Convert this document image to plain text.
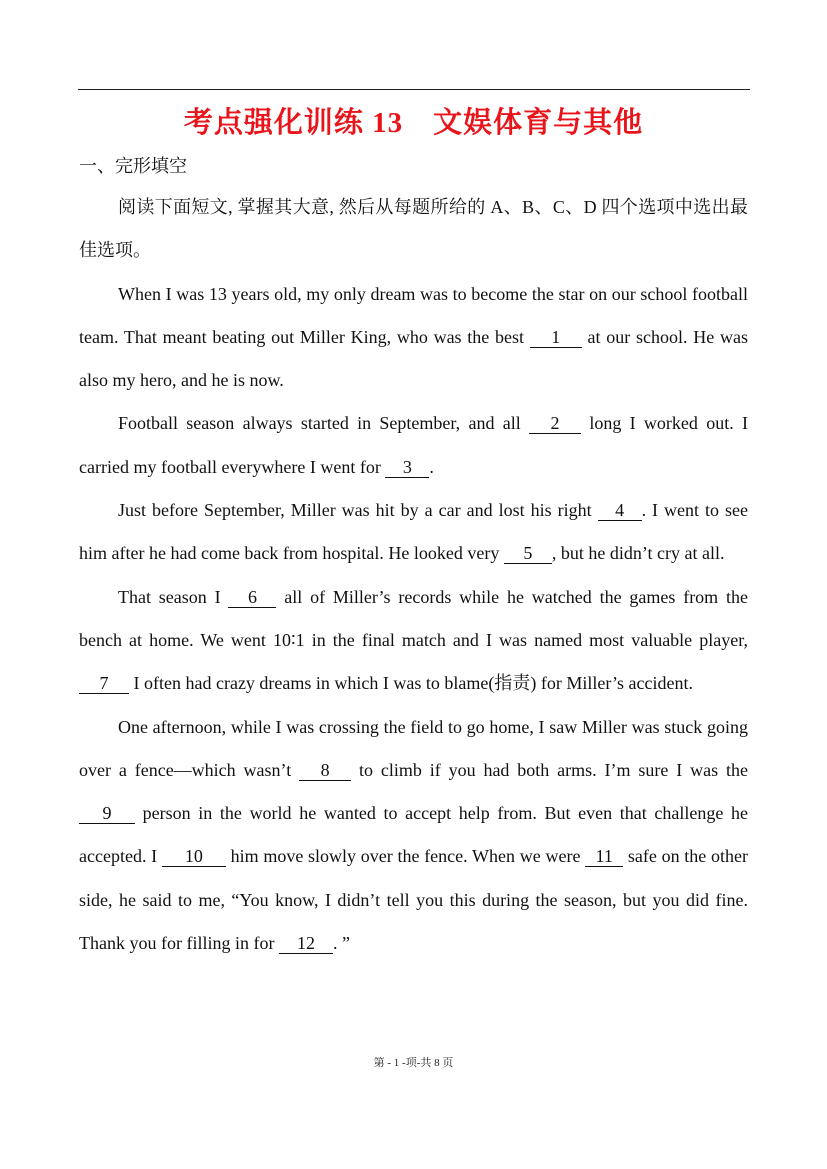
考点强化训练 13 文娱体育与其他
一、完形填空

阅读下面短文, 掌握其大意, 然后从每题所给的 A、B、C、D 四个选项中选出最佳选项。

When I was 13 years old, my only dream was to become the star on our school football team. That meant beating out Miller King, who was the best 1 at our school. He was also my hero, and he is now.

Football season always started in September, and all 2 long I worked out. I carried my football everywhere I went for 3 .

Just before September, Miller was hit by a car and lost his right 4 . I went to see him after he had come back from hospital. He looked very 5 , but he didn’t cry at all.

That season I 6 all of Miller’s records while he watched the games from the bench at home. We went 10∶1 in the final match and I was named most valuable player, 7 I often had crazy dreams in which I was to blame(指责) for Miller’s accident.

One afternoon, while I was crossing the field to go home, I saw Miller was stuck going over a fence—which wasn’t 8 to climb if you had both arms. I’m sure I was the 9 person in the world he wanted to accept help from. But even that challenge he accepted. I 10 him move slowly over the fence. When we were 11 safe on the other side, he said to me, “You know, I didn’t tell you this during the season, but you did fine. Thank you for filling in for 12 . ”

第 - 1 -项-共 8 页
